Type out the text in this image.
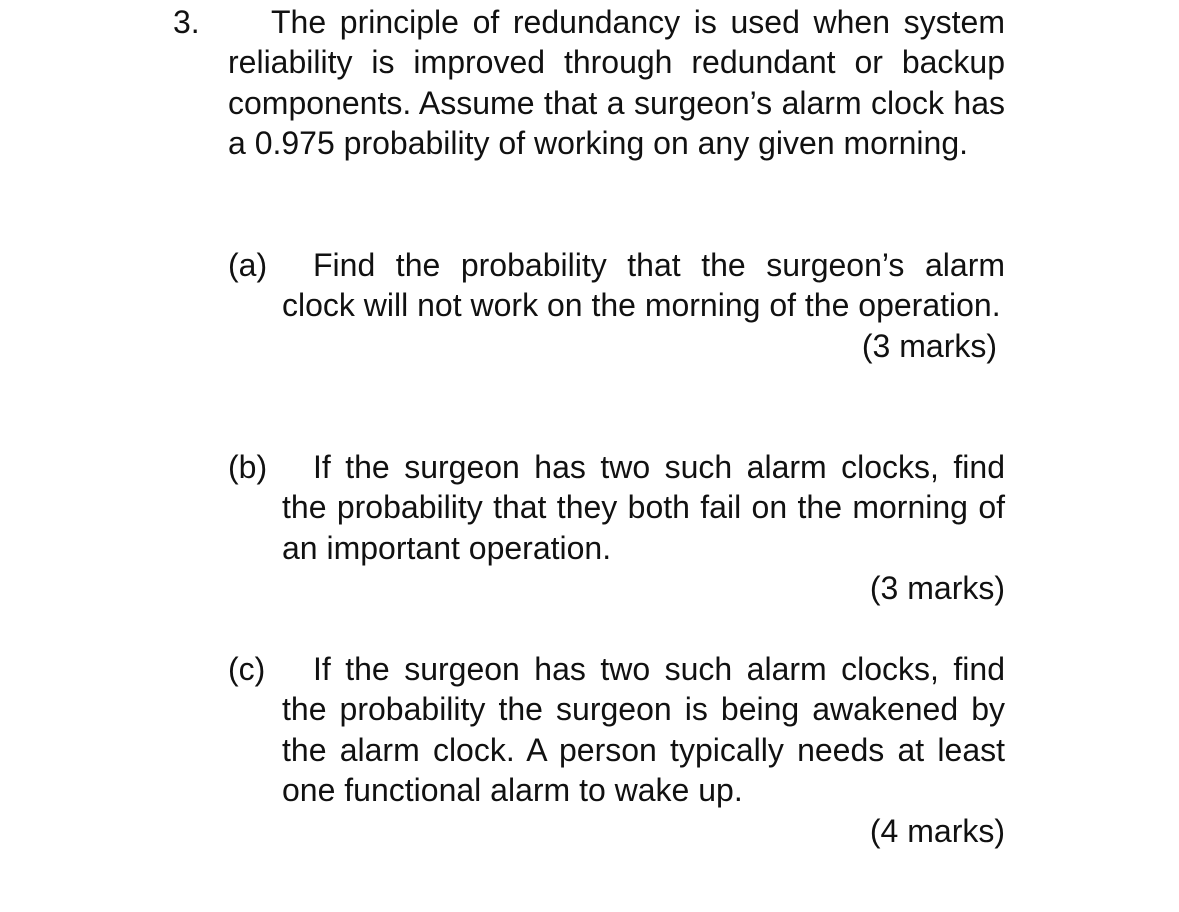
3.	The principle of redundancy is used when system reliability is improved through redundant or backup components. Assume that a surgeon’s alarm clock has a 0.975 probability of working on any given morning.
(a)	Find the probability that the surgeon’s alarm clock will not work on the morning of the operation.
(3 marks)
(b)	If the surgeon has two such alarm clocks, find the probability that they both fail on the morning of an important operation.
(3 marks)
(c)	If the surgeon has two such alarm clocks, find the probability the surgeon is being awakened by the alarm clock. A person typically needs at least one functional alarm to wake up.
(4 marks)
